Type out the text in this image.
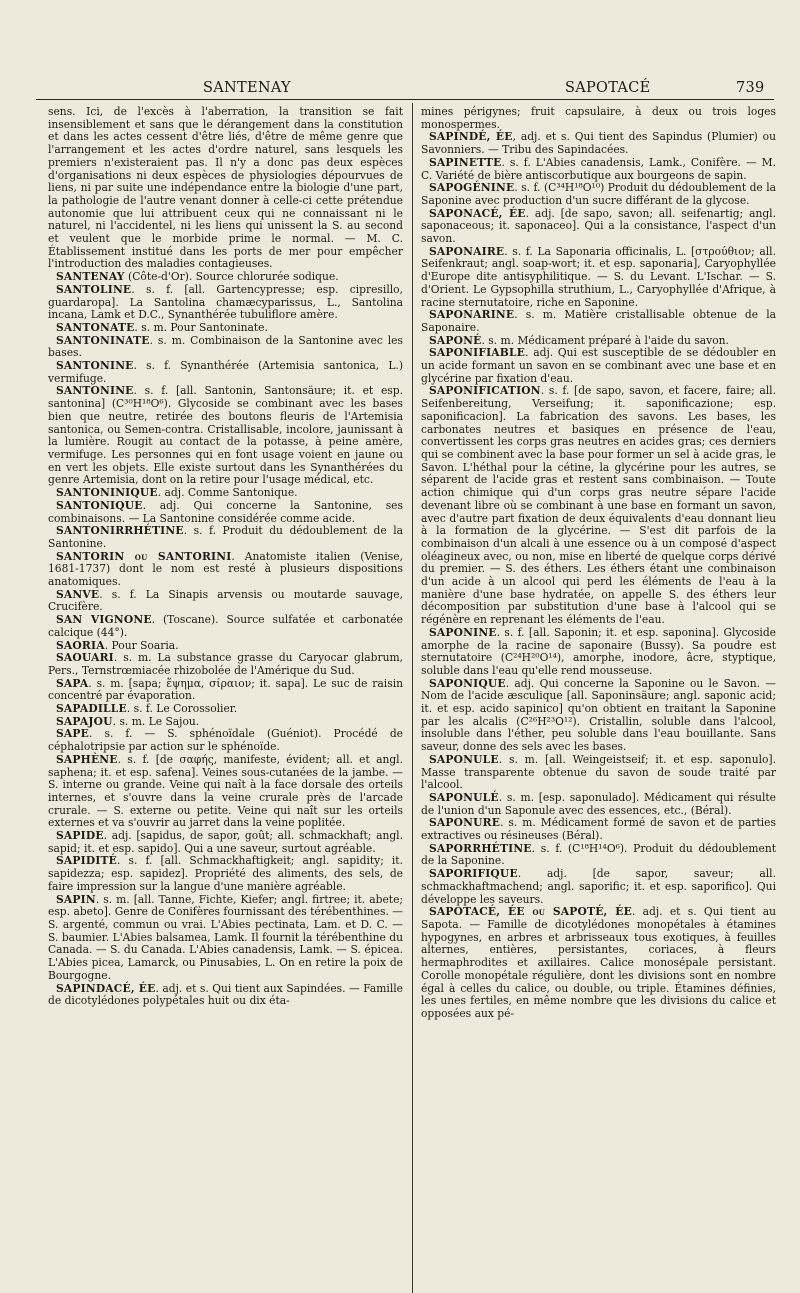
SANTENAY	SAPOTACÉ	739

sens. Ici, de l'excès à l'aberration, la transition se fait insensiblement et sans que le dérangement dans la constitution et dans les actes cessent d'être liés, d'être de même genre que l'arrangement et les actes d'ordre naturel, sans lesquels les premiers n'existeraient pas. Il n'y a donc pas deux espèces d'organisations ni deux espèces de physiologies dépourvues de liens, ni par suite une indépendance entre la biologie d'une part, la pathologie de l'autre venant donner à celle-ci cette prétendue autonomie que lui attribuent ceux qui ne connaissant ni le naturel, ni l'accidentel, ni les liens qui unissent la S. au second et veulent que le morbide prime le normal. — M. C. Établissement institué dans les ports de mer pour empêcher l'introduction des maladies contagieuses.

SANTENAY (Côte-d'Or). Source chlorurée sodique.

SANTOLINE. s. f. [all. Gartencypresse; esp. cipresillo, guardaropa]. La Santolina chamæcyparissus, L., Santolina incana, Lamk et D.C., Synanthérée tubuliflore amère.

SANTONATE. s. m. Pour Santoninate.

SANTONINATE. s. m. Combinaison de la Santonine avec les bases.

SANTONINE. s. f. Synanthérée (Artemisia santonica, L.) vermifuge.

SANTONINE. s. f. [all. Santonin, Santonsäure; it. et esp. santonina] (C³⁰H¹⁸O⁶). Glycoside se combinant avec les bases bien que neutre, retirée des boutons fleuris de l'Artemisia santonica, ou Semen-contra. Cristallisable, incolore, jaunissant à la lumière. Rougit au contact de la potasse, à peine amère, vermifuge. Les personnes qui en font usage voient en jaune ou en vert les objets. Elle existe surtout dans les Synanthérées du genre Artemisia, dont on la retire pour l'usage médical, etc.

SANTONINIQUE. adj. Comme Santonique.

SANTONIQUE. adj. Qui concerne la Santonine, ses combinaisons. — La Santonine considérée comme acide.

SANTONIRRHÉTINE. s. f. Produit du dédoublement de la Santonine.

SANTORIN ou SANTORINI. Anatomiste italien (Venise, 1681-1737) dont le nom est resté à plusieurs dispositions anatomiques.

SANVE. s. f. La Sinapis arvensis ou moutarde sauvage, Crucifère.

SAN VIGNONE. (Toscane). Source sulfatée et carbonatée calcique (44°).

SAORIA. Pour Soaria.

SAOUARI. s. m. La substance grasse du Caryocar glabrum, Pers., Ternstrœmiacée rhizobolée de l'Amérique du Sud.

SAPA. s. m. [sapa; ἕψημα, σίραιον; it. sapa]. Le suc de raisin concentré par évaporation.

SAPADILLE. s. f. Le Corossolier.

SAPAJOU. s. m. Le Sajou.

SAPE. s. f. — S. sphénoïdale (Guéniot). Procédé de céphalotripsie par action sur le sphénoïde.

SAPHÈNE. s. f. [de σαφής, manifeste, évident; all. et angl. saphena; it. et esp. safena]. Veines sous-cutanées de la jambe. — S. interne ou grande. Veine qui naît à la face dorsale des orteils internes, et s'ouvre dans la veine crurale près de l'arcade crurale. — S. externe ou petite. Veine qui naît sur les orteils externes et va s'ouvrir au jarret dans la veine poplitée.

SAPIDE. adj. [sapidus, de sapor, goût; all. schmackhaft; angl. sapid; it. et esp. sapido]. Qui a une saveur, surtout agréable.

SAPIDITÉ. s. f. [all. Schmackhaftigkeit; angl. sapidity; it. sapidezza; esp. sapidez]. Propriété des aliments, des sels, de faire impression sur la langue d'une manière agréable.

SAPIN. s. m. [all. Tanne, Fichte, Kiefer; angl. firtree; it. abete; esp. abeto]. Genre de Conifères fournissant des térébenthines. — S. argenté, commun ou vrai. L'Abies pectinata, Lam. et D. C. — S. baumier. L'Abies balsamea, Lamk. Il fournit la térébenthine du Canada. — S. du Canada. L'Abies canadensis, Lamk. — S. épicea. L'Abies picea, Lamarck, ou Pinusabies, L. On en retire la poix de Bourgogne.

SAPINDACÉ, ÉE. adj. et s. Qui tient aux Sapindées. — Famille de dicotylédones polypétales huit ou dix éta-

mines périgynes; fruit capsulaire, à deux ou trois loges monospermes.

SAPINDÉ, ÉE, adj. et s. Qui tient des Sapindus (Plumier) ou Savonniers. — Tribu des Sapindacées.

SAPINETTE. s. f. L'Abies canadensis, Lamk., Conifère. — M. C. Variété de bière antiscorbutique aux bourgeons de sapin.

SAPOGÉNINE. s. f. (C³⁴H¹⁸O¹⁰) Produit du dédoublement de la Saponine avec production d'un sucre différant de la glycose.

SAPONACÉ, ÉE. adj. [de sapo, savon; all. seifenartig; angl. saponaceous; it. saponaceo]. Qui a la consistance, l'aspect d'un savon.

SAPONAIRE. s. f. La Saponaria officinalis, L. [στρούθιον; all. Seifenkraut; angl. soap-wort; it. et esp. saponaria], Caryophyllée d'Europe dite antisyphilitique. — S. du Levant. L'Ischar. — S. d'Orient. Le Gypsophilla struthium, L., Caryophyllée d'Afrique, à racine sternutatoire, riche en Saponine.

SAPONARINE. s. m. Matière cristallisable obtenue de la Saponaire.

SAPONÉ. s. m. Médicament préparé à l'aide du savon.

SAPONIFIABLE. adj. Qui est susceptible de se dédoubler en un acide formant un savon en se combinant avec une base et en glycérine par fixation d'eau.

SAPONIFICATION. s. f. [de sapo, savon, et facere, faire; all. Seifenbereitung, Verseifung; it. saponificazione; esp. saponificacion]. La fabrication des savons. Les bases, les carbonates neutres et basiques en présence de l'eau, convertissent les corps gras neutres en acides gras; ces derniers qui se combinent avec la base pour former un sel à acide gras, le Savon. L'héthal pour la cétine, la glycérine pour les autres, se séparent de l'acide gras et restent sans combinaison. — Toute action chimique qui d'un corps gras neutre sépare l'acide devenant libre où se combinant à une base en formant un savon, avec d'autre part fixation de deux équivalents d'eau donnant lieu à la formation de la glycérine. — S'est dit parfois de la combinaison d'un alcali à une essence ou à un composé d'aspect oléagineux avec, ou non, mise en liberté de quelque corps dérivé du premier. — S. des éthers. Les éthers étant une combinaison d'un acide à un alcool qui perd les éléments de l'eau à la manière d'une base hydratée, on appelle S. des éthers leur décomposition par substitution d'une base à l'alcool qui se régénère en reprenant les éléments de l'eau.

SAPONINE. s. f. [all. Saponin; it. et esp. saponina]. Glycoside amorphe de la racine de saponaire (Bussy). Sa poudre est sternutatoire (C²⁴H²⁰O¹⁴), amorphe, inodore, âcre, styptique, soluble dans l'eau qu'elle rend mousseuse.

SAPONIQUE. adj. Qui concerne la Saponine ou le Savon. — Nom de l'acide æsculique [all. Saponinsäure; angl. saponic acid; it. et esp. acido sapinico] qu'on obtient en traitant la Saponine par les alcalis (C²⁶H²³O¹²). Cristallin, soluble dans l'alcool, insoluble dans l'éther, peu soluble dans l'eau bouillante. Sans saveur, donne des sels avec les bases.

SAPONULE. s. m. [all. Weingeistseif; it. et esp. saponulo]. Masse transparente obtenue du savon de soude traité par l'alcool.

SAPONULÉ. s. m. [esp. saponulado]. Médicament qui résulte de l'union d'un Saponule avec des essences, etc., (Béral).

SAPONURE. s. m. Médicament formé de savon et de parties extractives ou résineuses (Béral).

SAPORRHÉTINE. s. f. (C¹⁸H¹⁴O⁶). Produit du dédoublement de la Saponine.

SAPORIFIQUE. adj. [de sapor, saveur; all. schmackhaftmachend; angl. saporific; it. et esp. saporifico]. Qui développe les saveurs.

SAPOTACÉ, ÉE ou SAPOTÉ, ÉE. adj. et s. Qui tient au Sapota. — Famille de dicotylédones monopétales à étamines hypogynes, en arbres et arbrisseaux tous exotiques, à feuilles alternes, entières, persistantes, coriaces, à fleurs hermaphrodites et axillaires. Calice monosépale persistant. Corolle monopétale régulière, dont les divisions sont en nombre égal à celles du calice, ou double, ou triple. Étamines définies, les unes fertiles, en même nombre que les divisions du calice et opposées aux pé-
